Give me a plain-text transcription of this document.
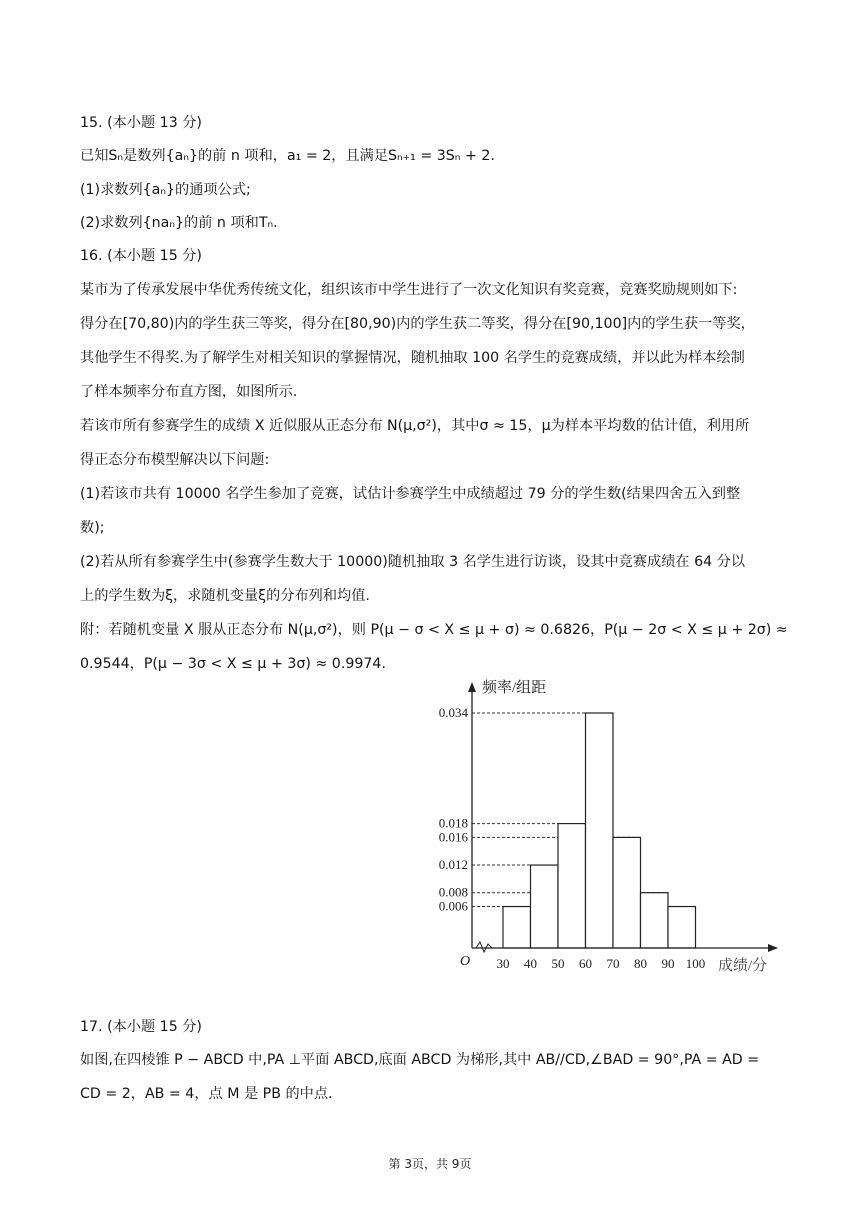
15. (本小题 13 分)
已知Sₙ是数列{aₙ}的前 n 项和，a₁ = 2，且满足Sₙ₊₁ = 3Sₙ + 2.
(1)求数列{aₙ}的通项公式;
(2)求数列{naₙ}的前 n 项和Tₙ.
16. (本小题 15 分)
某市为了传承发展中华优秀传统文化，组织该市中学生进行了一次文化知识有奖竞赛，竞赛奖励规则如下:
得分在[70,80)内的学生获三等奖，得分在[80,90)内的学生获二等奖，得分在[90,100]内的学生获一等奖，
其他学生不得奖.为了解学生对相关知识的掌握情况，随机抽取 100 名学生的竞赛成绩，并以此为样本绘制
了样本频率分布直方图，如图所示.
若该市所有参赛学生的成绩 X 近似服从正态分布 N(μ,σ²)，其中σ ≈ 15，μ为样本平均数的估计值，利用所
得正态分布模型解决以下问题:
(1)若该市共有 10000 名学生参加了竞赛，试估计参赛学生中成绩超过 79 分的学生数(结果四舍五入到整
数);
(2)若从所有参赛学生中(参赛学生数大于 10000)随机抽取 3 名学生进行访谈，设其中竞赛成绩在 64 分以
上的学生数为ξ，求随机变量ξ的分布列和均值.
附：若随机变量 X 服从正态分布 N(μ,σ²)，则 P(μ − σ < X ≤ μ + σ) ≈ 0.6826，P(μ − 2σ < X ≤ μ + 2σ) ≈
0.9544，P(μ − 3σ < X ≤ μ + 3σ) ≈ 0.9974.
0.034
0.018
0.016
0.012
0.008
0.006
O 30 40 50 60 70 80 90 100
频率/组距
成绩/分
17. (本小题 15 分)
如图,在四棱锥 P − ABCD 中,PA ⊥平面 ABCD,底面 ABCD 为梯形,其中 AB//CD,∠BAD = 90°,PA = AD =
CD = 2，AB = 4，点 M 是 PB 的中点.
第 3页，共 9页
